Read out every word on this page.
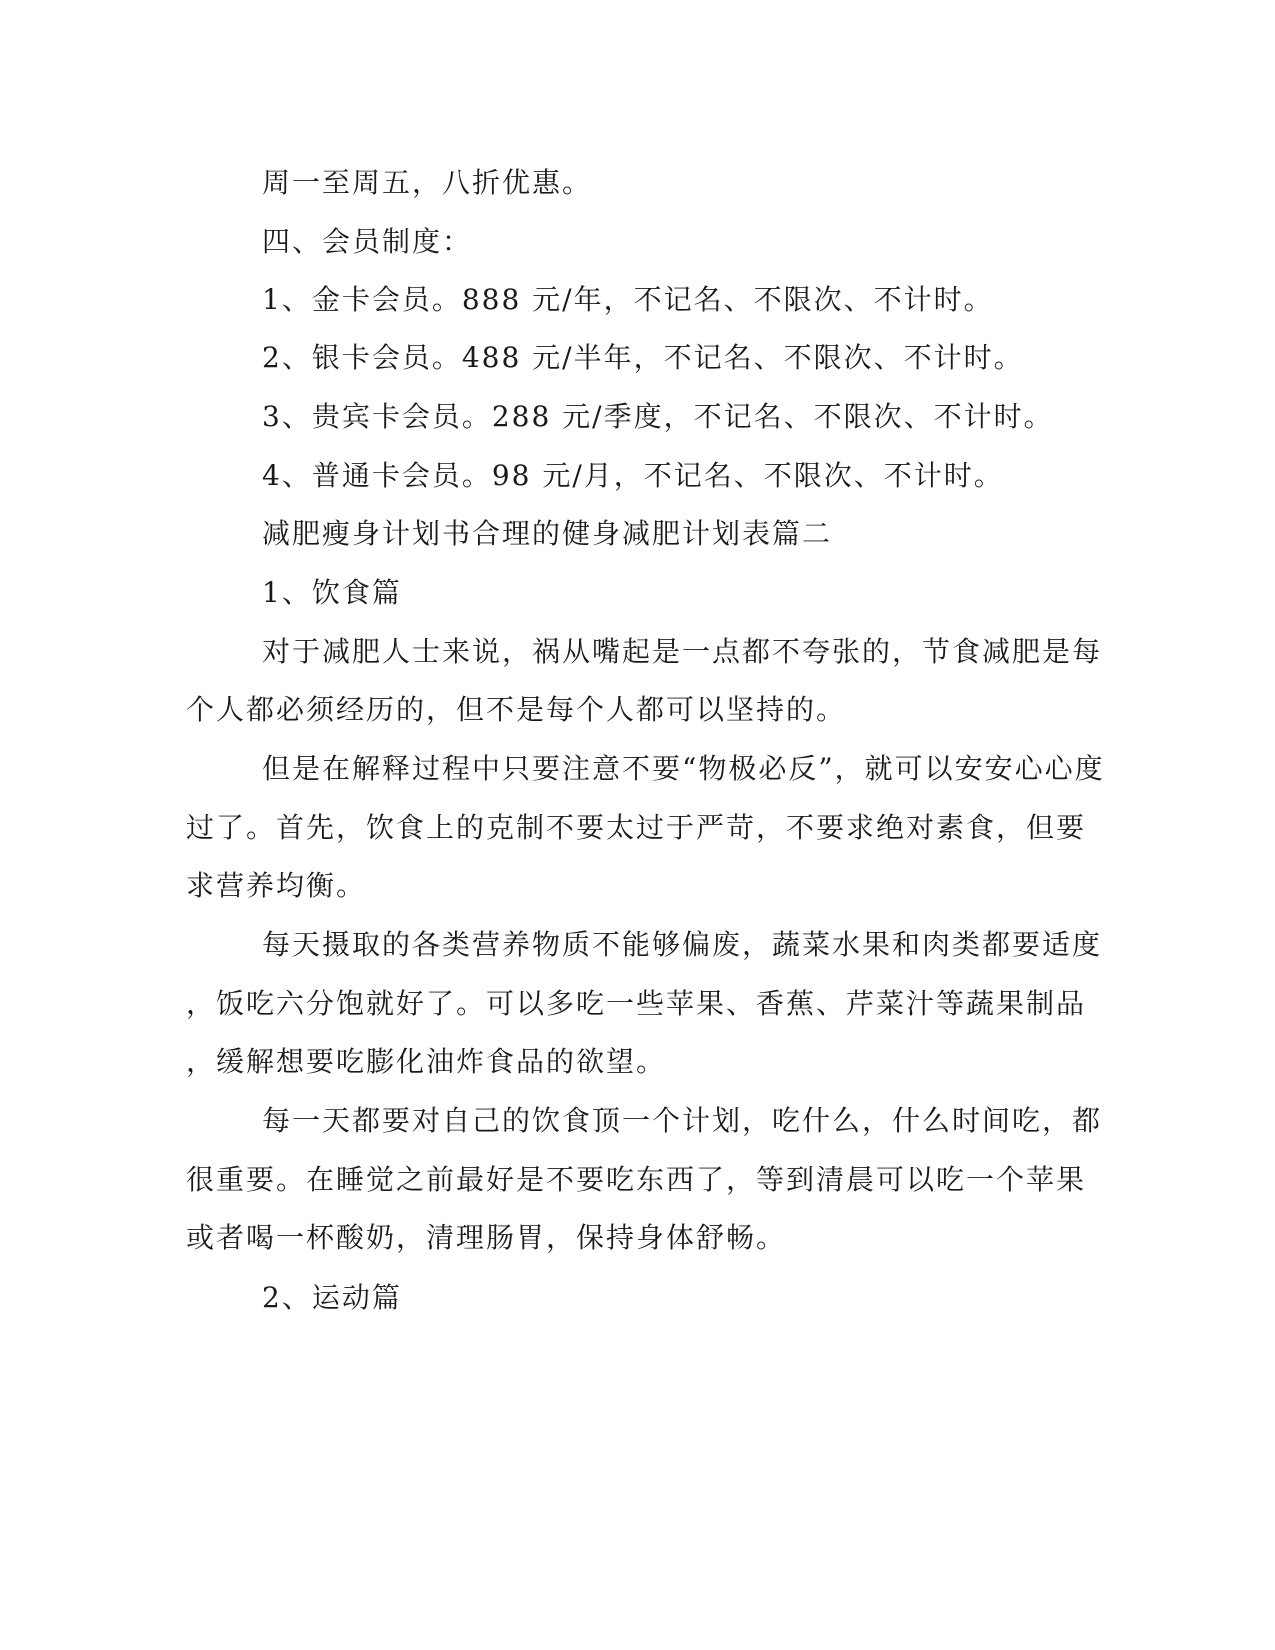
周一至周五，八折优惠。
四、会员制度：
1、金卡会员。888 元/年，不记名、不限次、不计时。
2、银卡会员。488 元/半年，不记名、不限次、不计时。
3、贵宾卡会员。288 元/季度，不记名、不限次、不计时。
4、普通卡会员。98 元/月，不记名、不限次、不计时。
减肥瘦身计划书合理的健身减肥计划表篇二
1、饮食篇
对于减肥人士来说，祸从嘴起是一点都不夸张的，节食减肥是每
个人都必须经历的，但不是每个人都可以坚持的。
但是在解释过程中只要注意不要“物极必反”，就可以安安心心度
过了。首先，饮食上的克制不要太过于严苛，不要求绝对素食，但要
求营养均衡。
每天摄取的各类营养物质不能够偏废，蔬菜水果和肉类都要适度
，饭吃六分饱就好了。可以多吃一些苹果、香蕉、芹菜汁等蔬果制品
，缓解想要吃膨化油炸食品的欲望。
每一天都要对自己的饮食顶一个计划，吃什么，什么时间吃，都
很重要。在睡觉之前最好是不要吃东西了，等到清晨可以吃一个苹果
或者喝一杯酸奶，清理肠胃，保持身体舒畅。
2、运动篇
